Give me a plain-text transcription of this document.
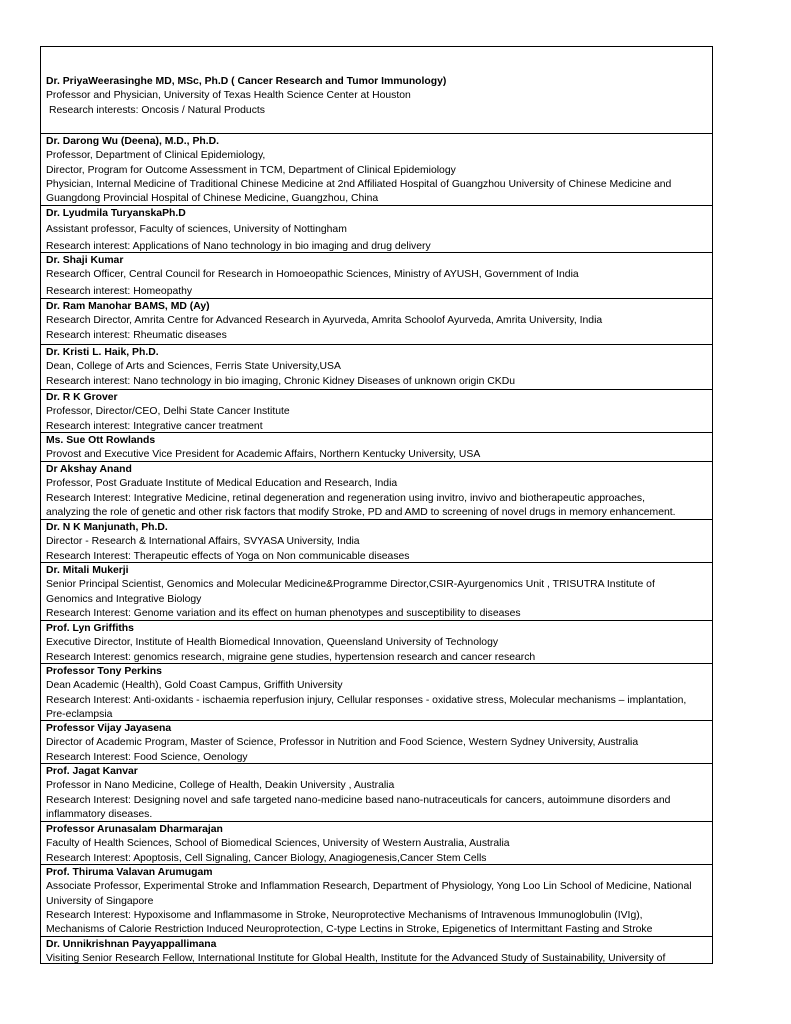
Dr. PriyaWeerasinghe MD, MSc, Ph.D ( Cancer Research and Tumor Immunology)
Professor and Physician, University of Texas Health Science Center at Houston
Research interests: Oncosis / Natural Products
Dr. Darong Wu (Deena), M.D., Ph.D.
Professor, Department of Clinical Epidemiology,
Director, Program for Outcome Assessment in TCM, Department of Clinical Epidemiology
Physician, Internal Medicine of Traditional Chinese Medicine at 2nd Affiliated Hospital of Guangzhou University of Chinese Medicine and
Guangdong Provincial Hospital of Chinese Medicine, Guangzhou, China
Dr. Lyudmila TuryanskaPh.D
Assistant professor, Faculty of sciences, University of Nottingham
Research interest: Applications of Nano technology in bio imaging and drug delivery
Dr. Shaji Kumar
Research Officer, Central Council for Research in Homoeopathic Sciences, Ministry of AYUSH, Government of India
Research interest: Homeopathy
Dr. Ram Manohar BAMS, MD (Ay)
Research Director, Amrita Centre for Advanced Research in Ayurveda, Amrita Schoolof Ayurveda, Amrita University, India
Research interest: Rheumatic diseases
Dr. Kristi L. Haik, Ph.D.
Dean, College of Arts and Sciences, Ferris State University,USA
Research interest: Nano technology in bio imaging, Chronic Kidney Diseases of unknown origin CKDu
Dr. R K Grover
Professor, Director/CEO, Delhi State Cancer Institute
Research interest: Integrative cancer treatment
Ms. Sue Ott Rowlands
Provost and Executive Vice President for Academic Affairs, Northern Kentucky University, USA
Dr Akshay Anand
Professor, Post Graduate Institute of Medical Education and Research, India
Research Interest: Integrative Medicine, retinal degeneration and regeneration using invitro, invivo and biotherapeutic approaches,
analyzing the role of genetic and other risk factors that modify Stroke, PD and AMD to screening of novel drugs in memory enhancement.
Dr. N K Manjunath, Ph.D.
Director - Research & International Affairs, SVYASA University, India
Research Interest: Therapeutic effects of Yoga on Non communicable diseases
Dr. Mitali Mukerji
Senior Principal Scientist, Genomics and Molecular Medicine&Programme Director,CSIR-Ayurgenomics Unit , TRISUTRA Institute of
Genomics and Integrative Biology
Research Interest: Genome variation and its effect on human phenotypes and susceptibility to diseases
Prof. Lyn Griffiths
Executive Director, Institute of Health Biomedical Innovation, Queensland University of Technology
Research Interest: genomics research, migraine gene studies, hypertension research and cancer research
Professor Tony Perkins
Dean Academic (Health), Gold Coast Campus, Griffith University
Research Interest: Anti-oxidants - ischaemia reperfusion injury, Cellular responses - oxidative stress, Molecular mechanisms – implantation,
Pre-eclampsia
Professor Vijay Jayasena
Director of Academic Program, Master of Science, Professor in Nutrition and Food Science, Western Sydney University, Australia
Research Interest: Food Science, Oenology
Prof. Jagat Kanvar
Professor in Nano Medicine, College of Health, Deakin University , Australia
Research Interest: Designing novel and safe targeted nano-medicine based nano-nutraceuticals for cancers, autoimmune disorders and
inflammatory diseases.
Professor Arunasalam Dharmarajan
Faculty of Health Sciences, School of Biomedical Sciences, University of Western Australia, Australia
Research Interest: Apoptosis, Cell Signaling, Cancer Biology, Anagiogenesis,Cancer Stem Cells
Prof. Thiruma Valavan Arumugam
Associate Professor, Experimental Stroke and Inflammation Research, Department of Physiology, Yong Loo Lin School of Medicine, National
University of Singapore
Research Interest: Hypoxisome and Inflammasome in Stroke, Neuroprotective Mechanisms of Intravenous Immunoglobulin (IVIg),
Mechanisms of Calorie Restriction Induced Neuroprotection, C-type Lectins in Stroke, Epigenetics of Intermittant Fasting and Stroke
Dr. Unnikrishnan Payyappallimana
Visiting Senior Research Fellow, International Institute for Global Health, Institute for the Advanced Study of Sustainability, University of
